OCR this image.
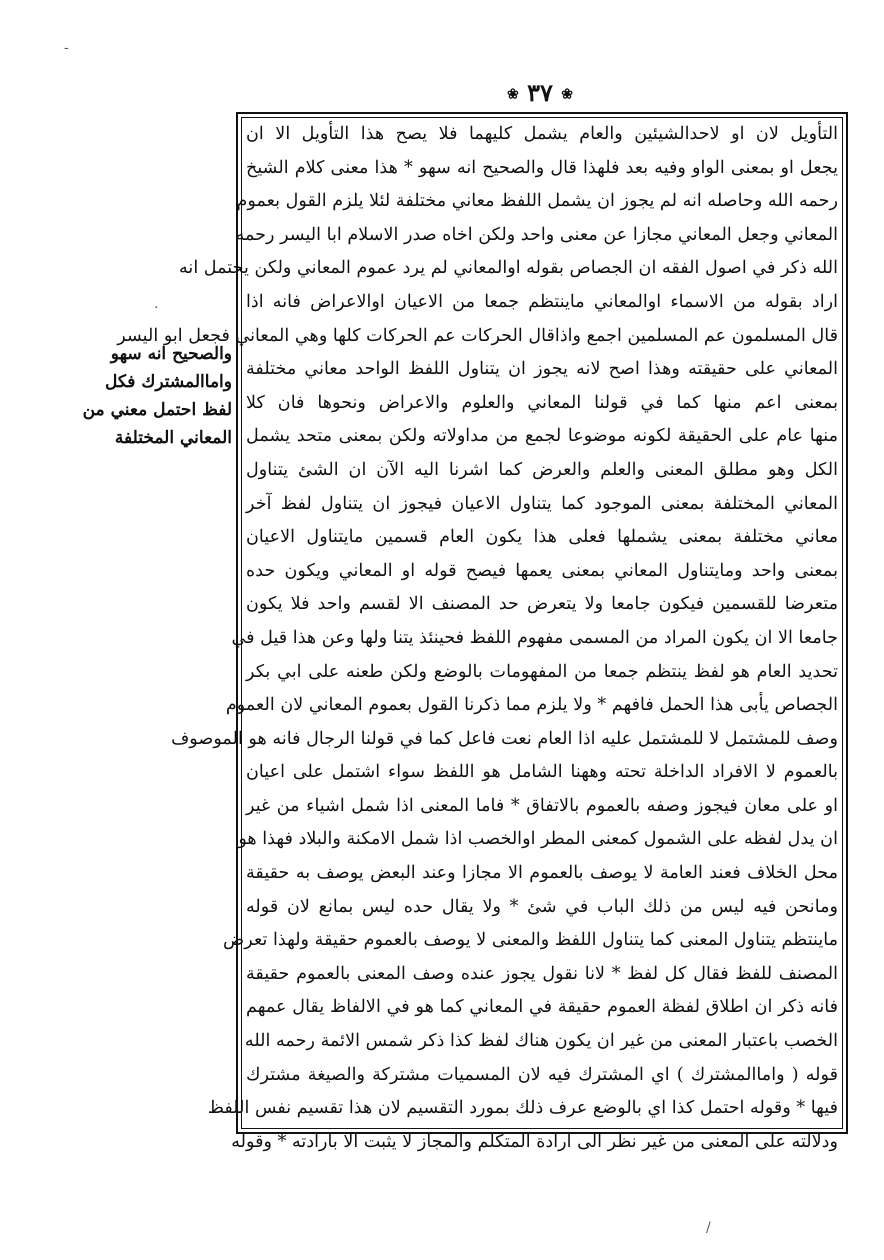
❀ ٣٧ ❀
والصحيح انه سهو
واماالمشترك فكل
لفظ احتمل معني من
المعاني المختلفة
التأويل لان او لاحدالشيئين والعام يشمل كليهما فلا يصح هذا التأويل الا ان
يجعل او بمعنى الواو وفيه بعد فلهذا قال والصحيح انه سهو * هذا معنى كلام الشيخ
رحمه الله وحاصله انه لم يجوز ان يشمل اللفظ معاني مختلفة لئلا يلزم القول بعموم
المعاني وجعل المعاني مجازا عن معنى واحد ولكن اخاه صدر الاسلام ابا اليسر رحمه
الله ذكر في اصول الفقه ان الجصاص بقوله اوالمعاني لم يرد عموم المعاني ولكن يحتمل انه
اراد بقوله من الاسماء اوالمعاني ماينتظم جمعا من الاعيان اوالاعراض فانه اذا
قال المسلمون عم المسلمين اجمع واذاقال الحركات عم الحركات كلها وهي المعاني فجعل ابو اليسر
المعاني على حقيقته وهذا اصح لانه يجوز ان يتناول اللفظ الواحد معاني مختلفة
بمعنى اعم منها كما في قولنا المعاني والعلوم والاعراض ونحوها فان كلا
منها عام على الحقيقة لكونه موضوعا لجمع من مداولاته ولكن بمعنى متحد يشمل
الكل وهو مطلق المعنى والعلم والعرض كما اشرنا اليه الآن ان الشئ يتناول
المعاني المختلفة بمعنى الموجود كما يتناول الاعيان فيجوز ان يتناول لفظ آخر
معاني مختلفة بمعنى يشملها فعلى هذا يكون العام قسمين مايتناول الاعيان
بمعنى واحد ومايتناول المعاني بمعنى يعمها فيصح قوله او المعاني ويكون حده
متعرضا للقسمين فيكون جامعا ولا يتعرض حد المصنف الا لقسم واحد فلا يكون
جامعا الا ان يكون المراد من المسمى مفهوم اللفظ فحينئذ يتنا ولها وعن هذا قيل في
تحديد العام هو لفظ ينتظم جمعا من المفهومات بالوضع ولكن طعنه على ابي بكر
الجصاص يأبى هذا الحمل فافهم * ولا يلزم مما ذكرنا القول بعموم المعاني لان العموم
وصف للمشتمل لا للمشتمل عليه اذا العام نعت فاعل كما في قولنا الرجال فانه هو الموصوف
بالعموم لا الافراد الداخلة تحته وههنا الشامل هو اللفظ سواء اشتمل على اعيان
او على معان فيجوز وصفه بالعموم بالاتفاق * فاما المعنى اذا شمل اشياء من غير
ان يدل لفظه على الشمول كمعنى المطر اوالخصب اذا شمل الامكنة والبلاد فهذا هو
محل الخلاف فعند العامة لا يوصف بالعموم الا مجازا وعند البعض يوصف به حقيقة
ومانحن فيه ليس من ذلك الباب في شئ * ولا يقال حده ليس بمانع لان قوله
ماينتظم يتناول المعنى كما يتناول اللفظ والمعنى لا يوصف بالعموم حقيقة ولهذا تعرض
المصنف للفظ فقال كل لفظ * لانا نقول يجوز عنده وصف المعنى بالعموم حقيقة
فانه ذكر ان اطلاق لفظة العموم حقيقة في المعاني كما هو في الالفاظ يقال عمهم
الخصب باعتبار المعنى من غير ان يكون هناك لفظ كذا ذكر شمس الائمة رحمه الله
قوله ( واماالمشترك ) اي المشترك فيه لان المسميات مشتركة والصيغة مشترك
فيها * وقوله احتمل كذا اي بالوضع عرف ذلك بمورد التقسيم لان هذا تقسيم نفس اللفظ
ودلالته على المعنى من غير نظر الى ارادة المتكلم والمجاز لا يثبت الا بارادته * وقوله
-
·
/
